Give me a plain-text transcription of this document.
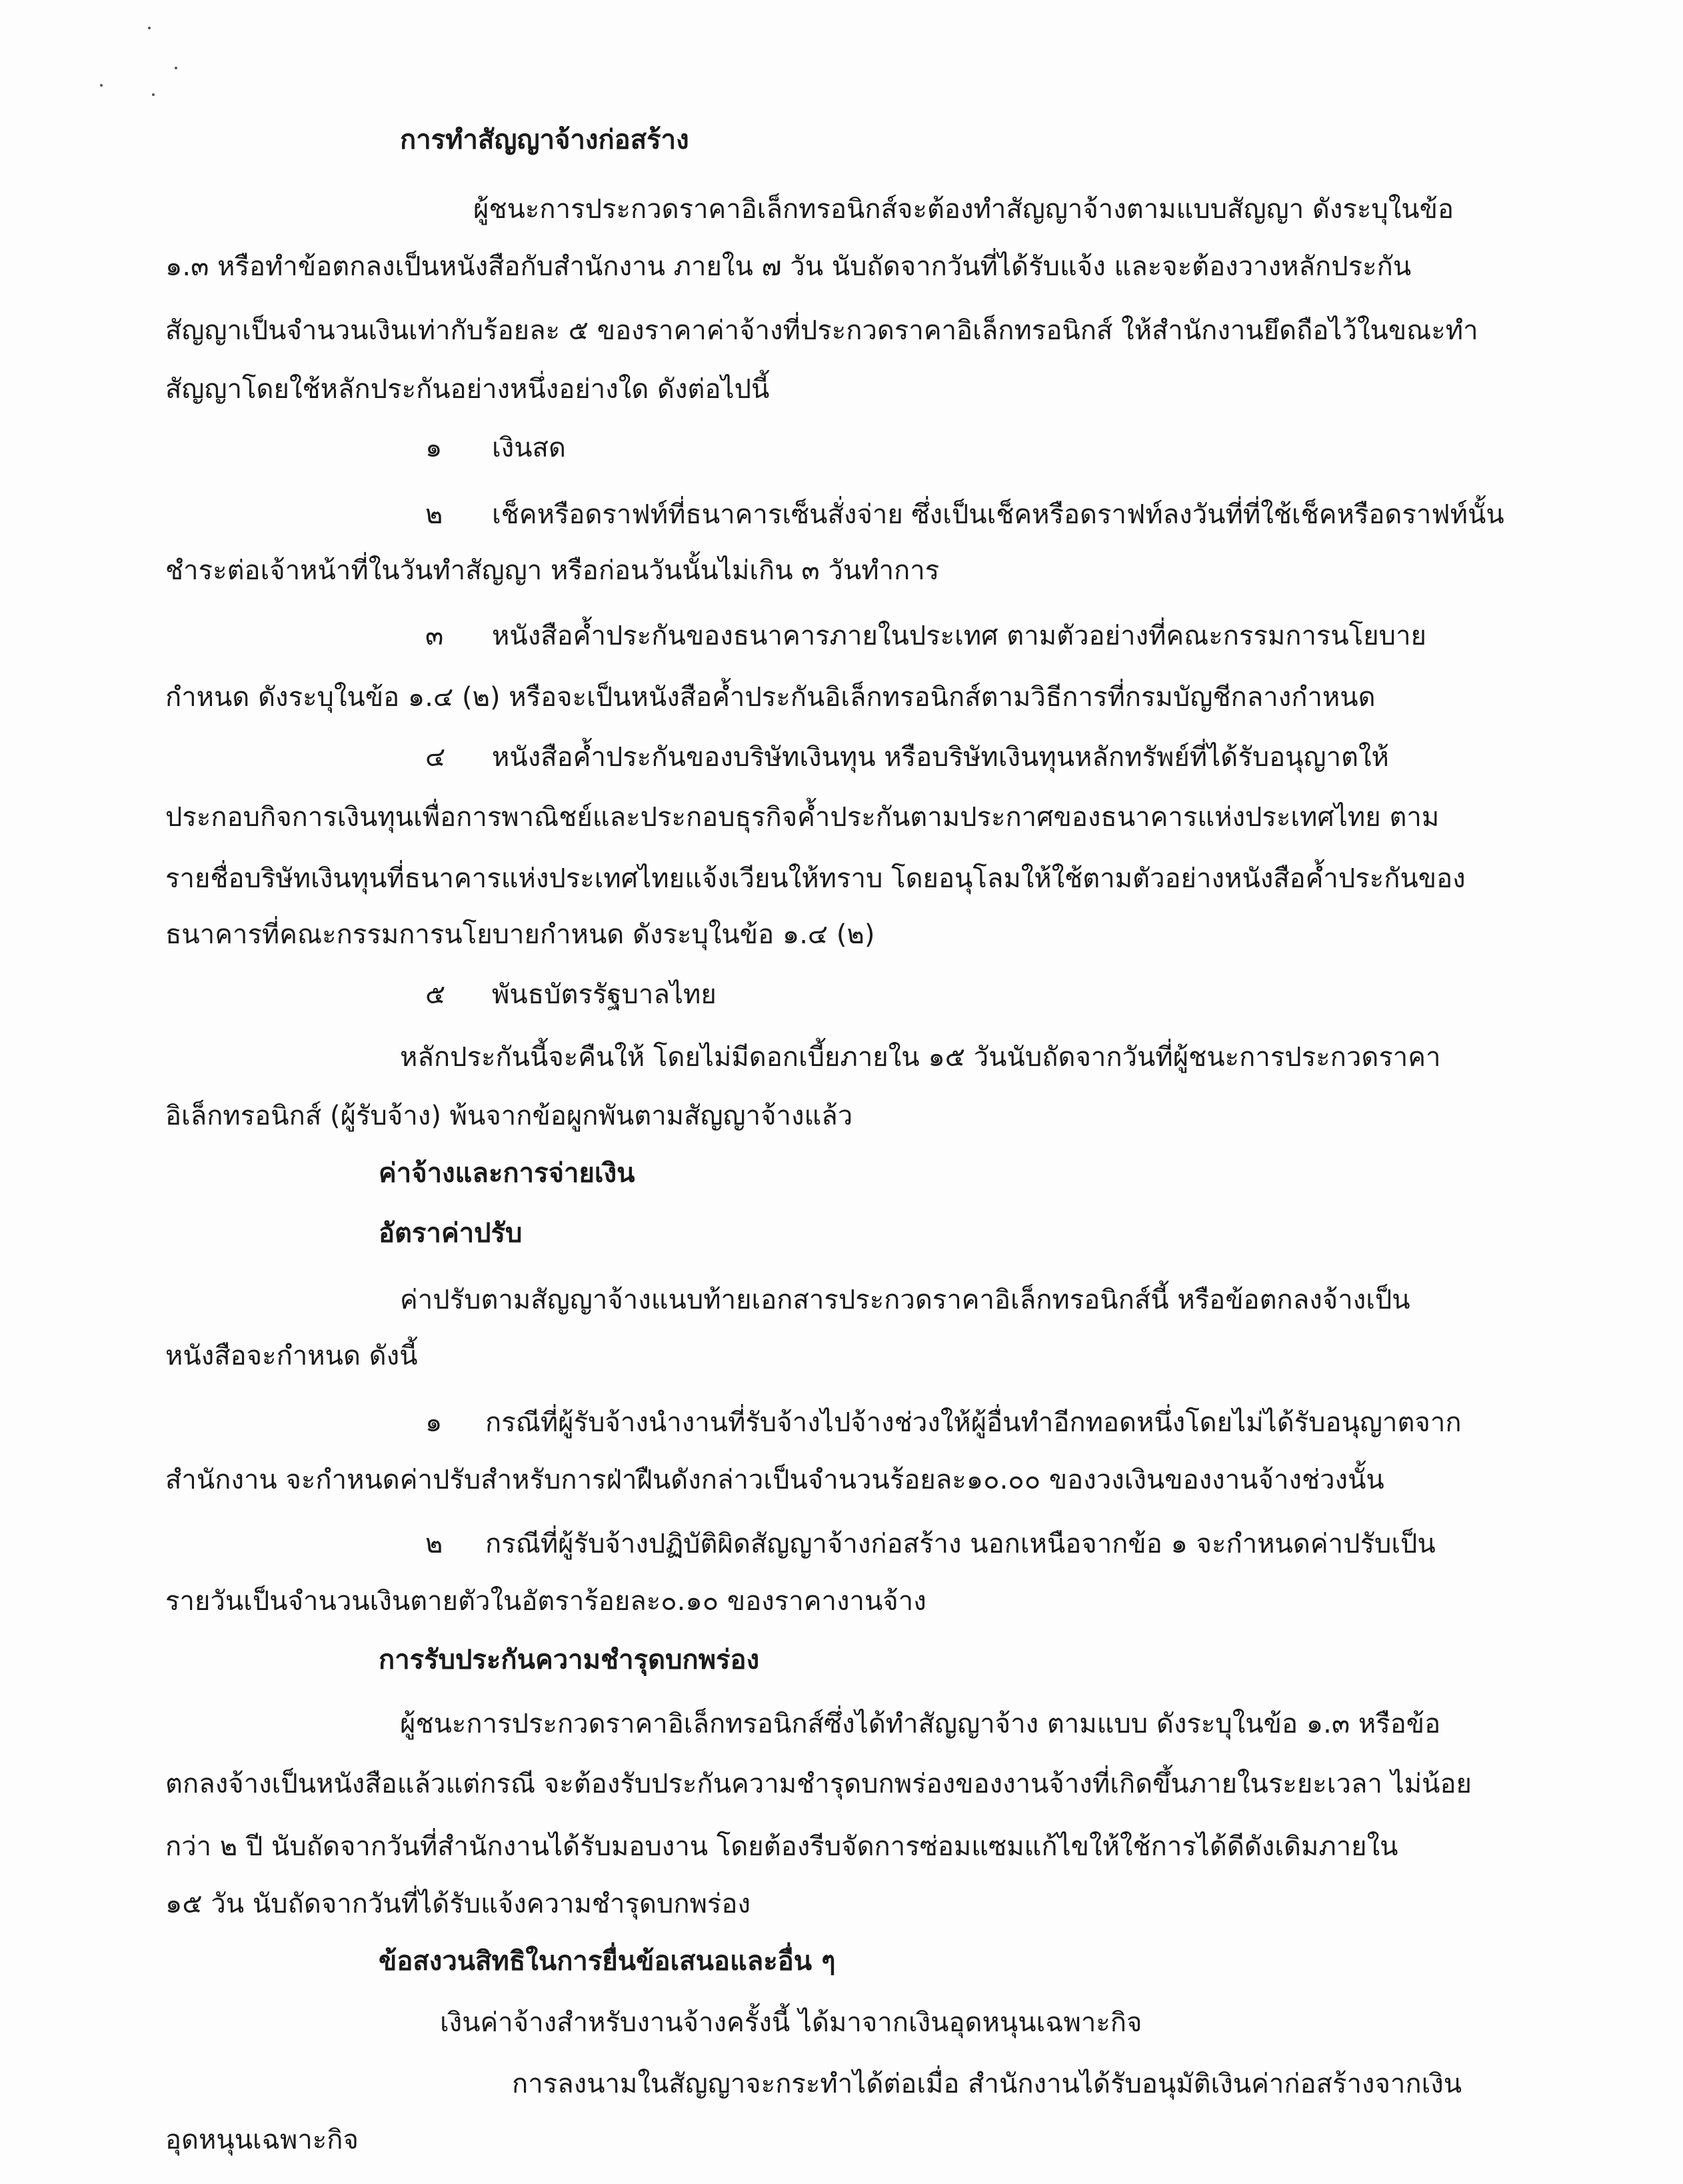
การทำสัญญาจ้างก่อสร้าง
ผู้ชนะการประกวดราคาอิเล็กทรอนิกส์จะต้องทำสัญญาจ้างตามแบบสัญญา ดังระบุในข้อ
๑.๓ หรือทำข้อตกลงเป็นหนังสือกับสำนักงาน ภายใน ๗ วัน นับถัดจากวันที่ได้รับแจ้ง และจะต้องวางหลักประกัน
สัญญาเป็นจำนวนเงินเท่ากับร้อยละ ๕ ของราคาค่าจ้างที่ประกวดราคาอิเล็กทรอนิกส์ ให้สำนักงานยึดถือไว้ในขณะทำ
สัญญาโดยใช้หลักประกันอย่างหนึ่งอย่างใด ดังต่อไปนี้
๑ เงินสด
๒ เช็คหรือดราฟท์ที่ธนาคารเซ็นสั่งจ่าย ซึ่งเป็นเช็คหรือดราฟท์ลงวันที่ที่ใช้เช็คหรือดราฟท์นั้น
ชำระต่อเจ้าหน้าที่ในวันทำสัญญา หรือก่อนวันนั้นไม่เกิน ๓ วันทำการ
๓ หนังสือค้ำประกันของธนาคารภายในประเทศ ตามตัวอย่างที่คณะกรรมการนโยบาย
กำหนด ดังระบุในข้อ ๑.๔ (๒) หรือจะเป็นหนังสือค้ำประกันอิเล็กทรอนิกส์ตามวิธีการที่กรมบัญชีกลางกำหนด
๔ หนังสือค้ำประกันของบริษัทเงินทุน หรือบริษัทเงินทุนหลักทรัพย์ที่ได้รับอนุญาตให้
ประกอบกิจการเงินทุนเพื่อการพาณิชย์และประกอบธุรกิจค้ำประกันตามประกาศของธนาคารแห่งประเทศไทย ตาม
รายชื่อบริษัทเงินทุนที่ธนาคารแห่งประเทศไทยแจ้งเวียนให้ทราบ โดยอนุโลมให้ใช้ตามตัวอย่างหนังสือค้ำประกันของ
ธนาคารที่คณะกรรมการนโยบายกำหนด ดังระบุในข้อ ๑.๔ (๒)
๕ พันธบัตรรัฐบาลไทย
หลักประกันนี้จะคืนให้ โดยไม่มีดอกเบี้ยภายใน ๑๕ วันนับถัดจากวันที่ผู้ชนะการประกวดราคา
อิเล็กทรอนิกส์ (ผู้รับจ้าง) พ้นจากข้อผูกพันตามสัญญาจ้างแล้ว
ค่าจ้างและการจ่ายเงิน
อัตราค่าปรับ
ค่าปรับตามสัญญาจ้างแนบท้ายเอกสารประกวดราคาอิเล็กทรอนิกส์นี้ หรือข้อตกลงจ้างเป็น
หนังสือจะกำหนด ดังนี้
๑ กรณีที่ผู้รับจ้างนำงานที่รับจ้างไปจ้างช่วงให้ผู้อื่นทำอีกทอดหนึ่งโดยไม่ได้รับอนุญาตจาก
สำนักงาน จะกำหนดค่าปรับสำหรับการฝ่าฝืนดังกล่าวเป็นจำนวนร้อยละ๑๐.๐๐ ของวงเงินของงานจ้างช่วงนั้น
๒ กรณีที่ผู้รับจ้างปฏิบัติผิดสัญญาจ้างก่อสร้าง นอกเหนือจากข้อ ๑ จะกำหนดค่าปรับเป็น
รายวันเป็นจำนวนเงินตายตัวในอัตราร้อยละ๐.๑๐ ของราคางานจ้าง
การรับประกันความชำรุดบกพร่อง
ผู้ชนะการประกวดราคาอิเล็กทรอนิกส์ซึ่งได้ทำสัญญาจ้าง ตามแบบ ดังระบุในข้อ ๑.๓ หรือข้อ
ตกลงจ้างเป็นหนังสือแล้วแต่กรณี จะต้องรับประกันความชำรุดบกพร่องของงานจ้างที่เกิดขึ้นภายในระยะเวลา ไม่น้อย
กว่า ๒ ปี นับถัดจากวันที่สำนักงานได้รับมอบงาน โดยต้องรีบจัดการซ่อมแซมแก้ไขให้ใช้การได้ดีดังเดิมภายใน
๑๕ วัน นับถัดจากวันที่ได้รับแจ้งความชำรุดบกพร่อง
ข้อสงวนสิทธิในการยื่นข้อเสนอและอื่น ๆ
เงินค่าจ้างสำหรับงานจ้างครั้งนี้ ได้มาจากเงินอุดหนุนเฉพาะกิจ
การลงนามในสัญญาจะกระทำได้ต่อเมื่อ สำนักงานได้รับอนุมัติเงินค่าก่อสร้างจากเงิน
อุดหนุนเฉพาะกิจ
